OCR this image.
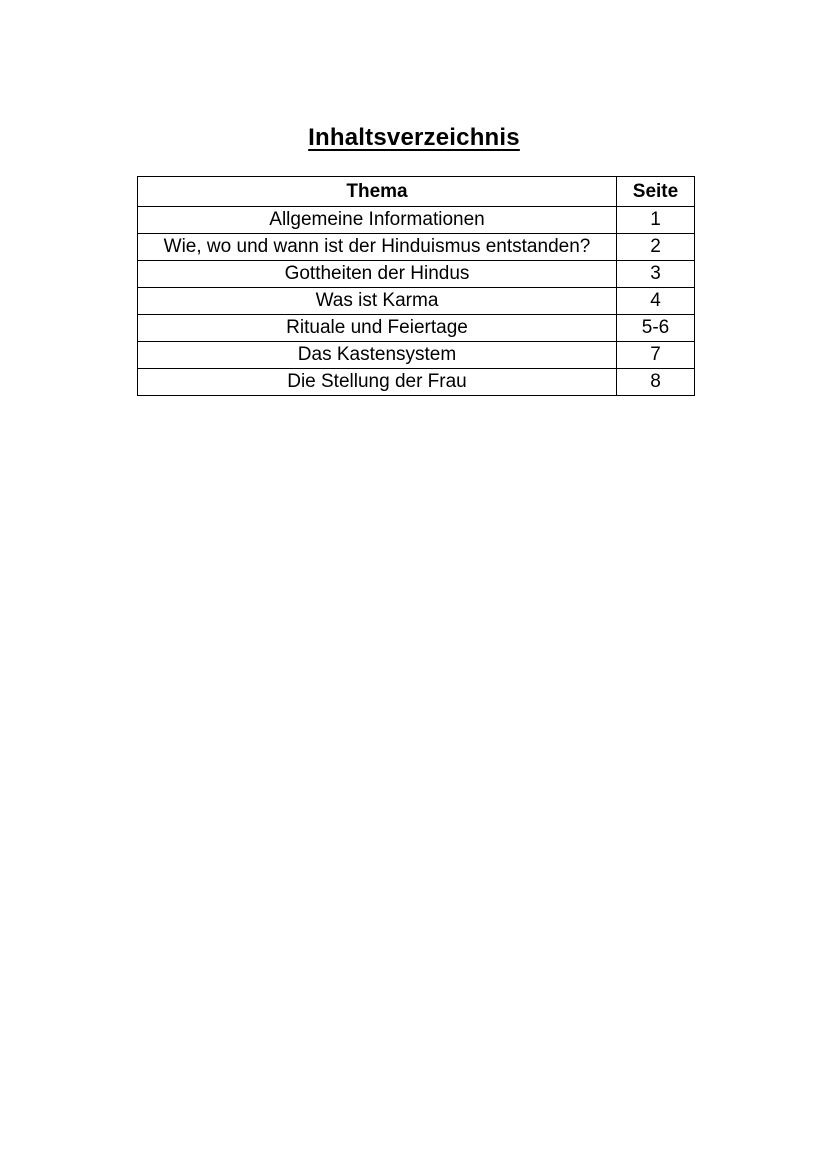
Inhaltsverzeichnis
Thema	Seite
Allgemeine Informationen	1
Wie, wo und wann ist der Hinduismus entstanden?	2
Gottheiten der Hindus	3
Was ist Karma	4
Rituale und Feiertage	5-6
Das Kastensystem	7
Die Stellung der Frau	8
